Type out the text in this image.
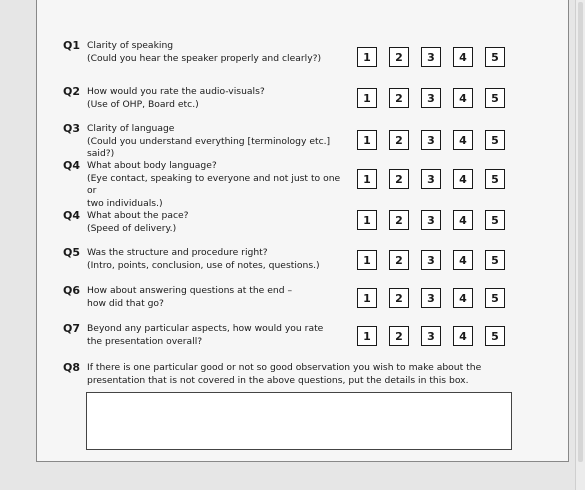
Q1 Clarity of speaking
(Could you hear the speaker properly and clearly?)	1	2	3	4	5
Q2 How would you rate the audio-visuals?
(Use of OHP, Board etc.)	1	2	3	4	5
Q3 Clarity of language
(Could you understand everything [terminology etc.] said?)
1	2	3	4	5
Q4 What about body language?
(Eye contact, speaking to everyone and not just to one or
two individuals.)
1	2	3	4	5
Q4 What about the pace?
(Speed of delivery.)
1	2	3	4	5
Q5 Was the structure and procedure right?
(Intro, points, conclusion, use of notes, questions.)	1	2	3	4	5
Q6 How about answering questions at the end –
how did that go?	1	2	3	4	5
Q7 Beyond any particular aspects, how would you rate
the presentation overall?	1	2	3	4	5
Q8 If there is one particular good or not so good observation you wish to make about the
presentation that is not covered in the above questions, put the details in this box.
